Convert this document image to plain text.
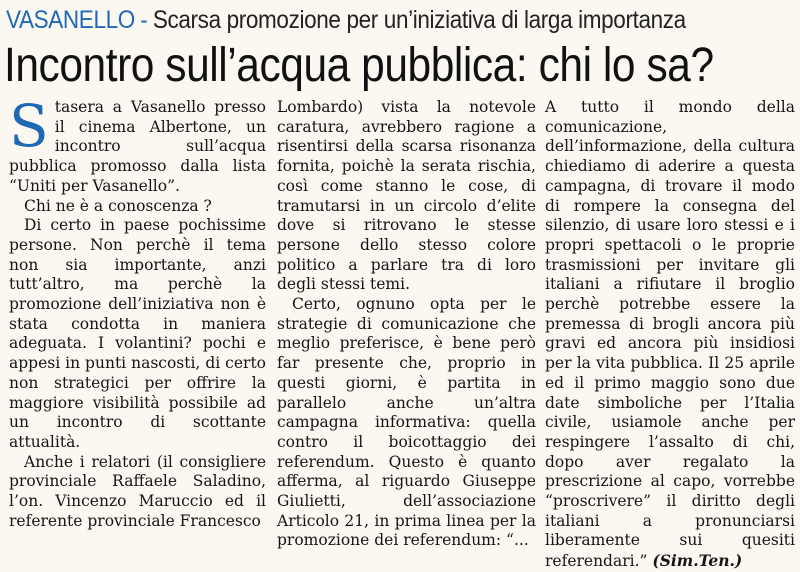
VASANELLO - Scarsa promozione per un’iniziativa di larga importanza
Incontro sull’acqua pubblica: chi lo sa?

Stasera a Vasanello presso il cinema Albertone, un incontro sull’acqua pubblica promosso dalla lista “Uniti per Vasanello”.

Chi ne è a conoscenza ?

Di certo in paese pochissime persone. Non perchè il tema non sia importante, anzi tutt’altro, ma perchè la promozione dell’iniziativa non è stata condotta in maniera adeguata. I volantini? pochi e appesi in punti nascosti, di certo non strategici per offrire la maggiore visibilità possibile ad un incontro di scottante attualità.

Anche i relatori (il consigliere provinciale Raffaele Saladino, l’on. Vincenzo Maruccio ed il referente provinciale Francesco

Lombardo) vista la notevole caratura, avrebbero ragione a risentirsi della scarsa risonanza fornita, poichè la serata rischia, così come stanno le cose, di tramutarsi in un circolo d’elite dove si ritrovano le stesse persone dello stesso colore politico a parlare tra di loro degli stessi temi.

Certo, ognuno opta per le strategie di comunicazione che meglio preferisce, è bene però far presente che, proprio in questi giorni, è partita in parallelo anche un’altra campagna informativa: quella contro il boicottaggio dei referendum. Questo è quanto afferma, al riguardo Giuseppe Giulietti, dell’associazione Articolo 21, in prima linea per la promozione dei referendum: “...

A tutto il mondo della comunicazione, dell’informazione, della cultura chiediamo di aderire a questa campagna, di trovare il modo di rompere la consegna del silenzio, di usare loro stessi e i propri spettacoli o le proprie trasmissioni per invitare gli italiani a rifiutare il broglio perchè potrebbe essere la premessa di brogli ancora più gravi ed ancora più insidiosi per la vita pubblica. Il 25 aprile ed il primo maggio sono due date simboliche per l’Italia civile, usiamole anche per respingere l’assalto di chi, dopo aver regalato la prescrizione al capo, vorrebbe “proscrivere” il diritto degli italiani a pronunciarsi liberamente sui quesiti referendari.” (Sim.Ten.)
